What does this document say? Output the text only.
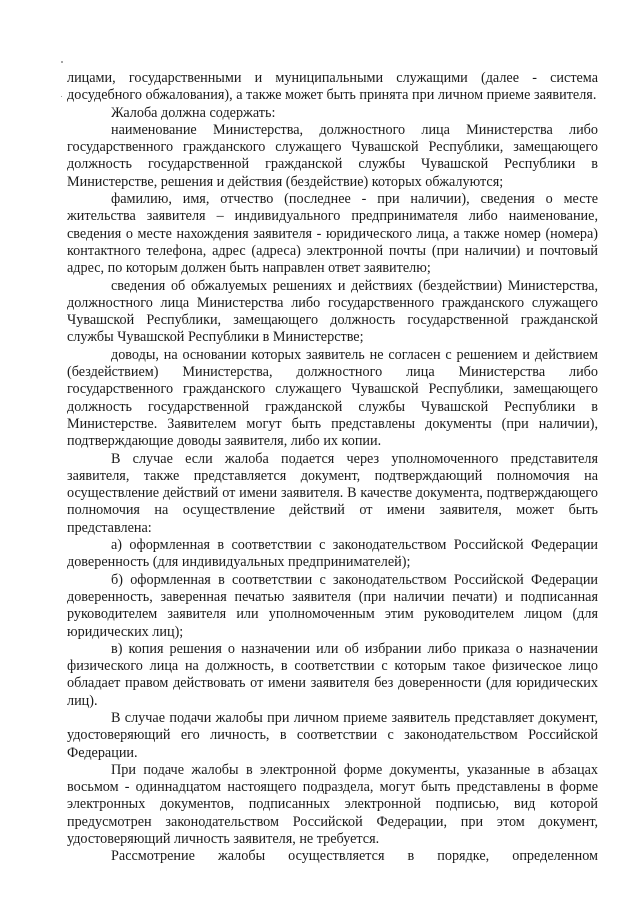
лицами, государственными и муниципальными служащими (далее - система досудебного обжалования), а также может быть принята при личном приеме заявителя.

Жалоба должна содержать:

наименование Министерства, должностного лица Министерства либо государственного гражданского служащего Чувашской Республики, замещающего должность государственной гражданской службы Чувашской Республики в Министерстве, решения и действия (бездействие) которых обжалуются;

фамилию, имя, отчество (последнее - при наличии), сведения о месте жительства заявителя – индивидуального предпринимателя либо наименование, сведения о месте нахождения заявителя - юридического лица, а также номер (номера) контактного телефона, адрес (адреса) электронной почты (при наличии) и почтовый адрес, по которым должен быть направлен ответ заявителю;

сведения об обжалуемых решениях и действиях (бездействии) Министерства, должностного лица Министерства либо государственного гражданского служащего Чувашской Республики, замещающего должность государственной гражданской службы Чувашской Республики в Министерстве;

доводы, на основании которых заявитель не согласен с решением и действием (бездействием) Министерства, должностного лица Министерства либо государственного гражданского служащего Чувашской Республики, замещающего должность государственной гражданской службы Чувашской Республики в Министерстве. Заявителем могут быть представлены документы (при наличии), подтверждающие доводы заявителя, либо их копии.

В случае если жалоба подается через уполномоченного представителя заявителя, также представляется документ, подтверждающий полномочия на осуществление действий от имени заявителя. В качестве документа, подтверждающего полномочия на осуществление действий от имени заявителя, может быть представлена:

а) оформленная в соответствии с законодательством Российской Федерации доверенность (для индивидуальных предпринимателей);

б) оформленная в соответствии с законодательством Российской Федерации доверенность, заверенная печатью заявителя (при наличии печати) и подписанная руководителем заявителя или уполномоченным этим руководителем лицом (для юридических лиц);

в) копия решения о назначении или об избрании либо приказа о назначении физического лица на должность, в соответствии с которым такое физическое лицо обладает правом действовать от имени заявителя без доверенности (для юридических лиц).

В случае подачи жалобы при личном приеме заявитель представляет документ, удостоверяющий его личность, в соответствии с законодательством Российской Федерации.

При подаче жалобы в электронной форме документы, указанные в абзацах восьмом - одиннадцатом настоящего подраздела, могут быть представлены в форме электронных документов, подписанных электронной подписью, вид которой предусмотрен законодательством Российской Федерации, при этом документ, удостоверяющий личность заявителя, не требуется.

Рассмотрение жалобы осуществляется в порядке, определенном
